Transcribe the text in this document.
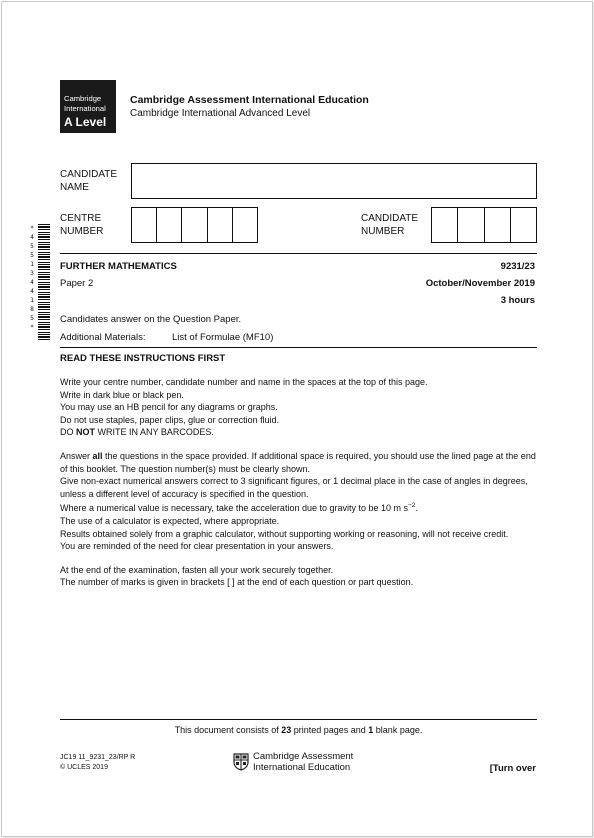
Cambridge
International
A Level
Cambridge Assessment International Education
Cambridge International Advanced Level
CANDIDATE
NAME
CENTRE
NUMBER
CANDIDATE
NUMBER
*4551344185*
FURTHER MATHEMATICS	9231/23
Paper 2	October/November 2019
3 hours
Candidates answer on the Question Paper.
Additional Materials:	List of Formulae (MF10)
READ THESE INSTRUCTIONS FIRST

Write your centre number, candidate number and name in the spaces at the top of this page.

Write in dark blue or black pen.

You may use an HB pencil for any diagrams or graphs.

Do not use staples, paper clips, glue or correction fluid.

DO NOT WRITE IN ANY BARCODES.

Answer all the questions in the space provided. If additional space is required, you should use the lined page at the end of this booklet. The question number(s) must be clearly shown.

Give non-exact numerical answers correct to 3 significant figures, or 1 decimal place in the case of angles in degrees, unless a different level of accuracy is specified in the question.

Where a numerical value is necessary, take the acceleration due to gravity to be 10 m $s^{-2}$.

The use of a calculator is expected, where appropriate.

Results obtained solely from a graphic calculator, without supporting working or reasoning, will not receive credit.

You are reminded of the need for clear presentation in your answers.

At the end of the examination, fasten all your work securely together.

The number of marks is given in brackets [ ] at the end of each question or part question.

This document consists of 23 printed pages and 1 blank page.
JC19 11_9231_23/RP R
© UCLES 2019
Cambridge Assessment
International Education	[Turn over
